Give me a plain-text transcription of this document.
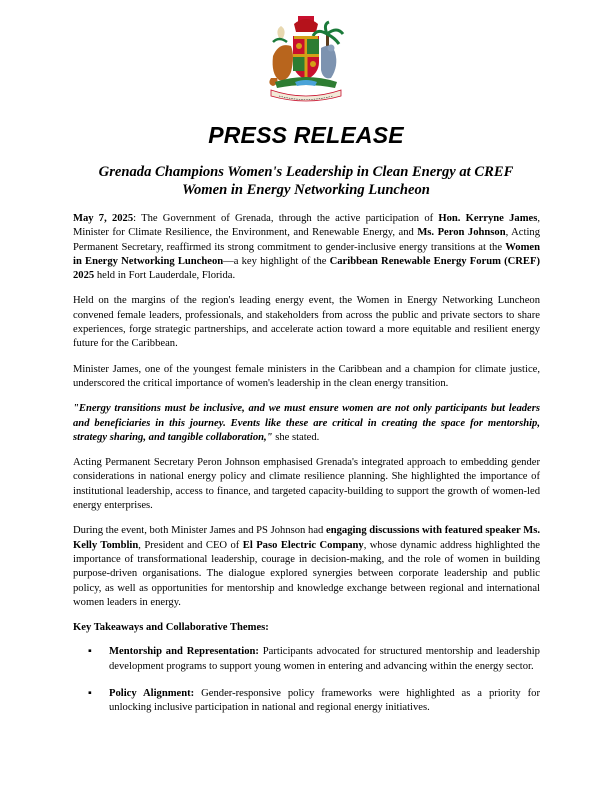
PRESS RELEASE
Grenada Champions Women's Leadership in Clean Energy at CREF
Women in Energy Networking Luncheon

May 7, 2025: The Government of Grenada, through the active participation of Hon. Kerryne James, Minister for Climate Resilience, the Environment, and Renewable Energy, and Ms. Peron Johnson, Acting Permanent Secretary, reaffirmed its strong commitment to gender-inclusive energy transitions at the Women in Energy Networking Luncheon—a key highlight of the Caribbean Renewable Energy Forum (CREF) 2025 held in Fort Lauderdale, Florida.

Held on the margins of the region's leading energy event, the Women in Energy Networking Luncheon convened female leaders, professionals, and stakeholders from across the public and private sectors to share experiences, forge strategic partnerships, and accelerate action toward a more equitable and resilient energy future for the Caribbean.

Minister James, one of the youngest female ministers in the Caribbean and a champion for climate justice, underscored the critical importance of women's leadership in the clean energy transition.

"Energy transitions must be inclusive, and we must ensure women are not only participants but leaders and beneficiaries in this journey. Events like these are critical in creating the space for mentorship, strategy sharing, and tangible collaboration," she stated.

Acting Permanent Secretary Peron Johnson emphasised Grenada's integrated approach to embedding gender considerations in national energy policy and climate resilience planning. She highlighted the importance of institutional leadership, access to finance, and targeted capacity-building to support the growth of women-led energy enterprises.

During the event, both Minister James and PS Johnson had engaging discussions with featured speaker Ms. Kelly Tomblin, President and CEO of El Paso Electric Company, whose dynamic address highlighted the importance of transformational leadership, courage in decision-making, and the role of women in building purpose-driven organisations. The dialogue explored synergies between corporate leadership and public policy, as well as opportunities for mentorship and knowledge exchange between regional and international women leaders in energy.

Key Takeaways and Collaborative Themes:
▪ Mentorship and Representation: Participants advocated for structured mentorship and leadership development programs to support young women in entering and advancing within the energy sector.
▪ Policy Alignment: Gender-responsive policy frameworks were highlighted as a priority for unlocking inclusive participation in national and regional energy initiatives.
